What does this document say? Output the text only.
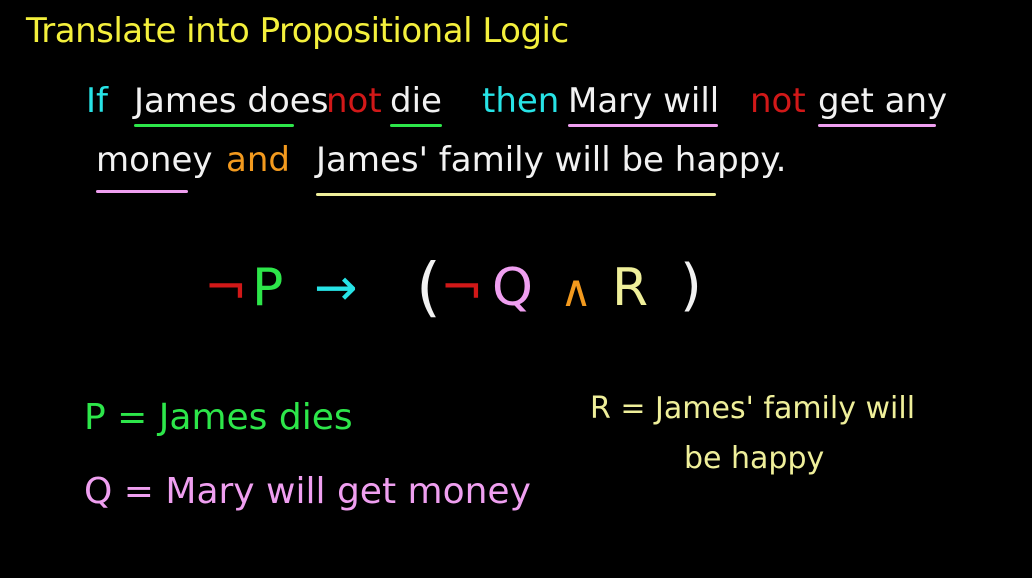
Translate into Propositional Logic
If James does
not die then Mary will not get any
money and James' family will be happy.
¬ P → ( ¬ Q ∧ R )
P = James dies
Q = Mary will get money
R = James' family will
be happy
